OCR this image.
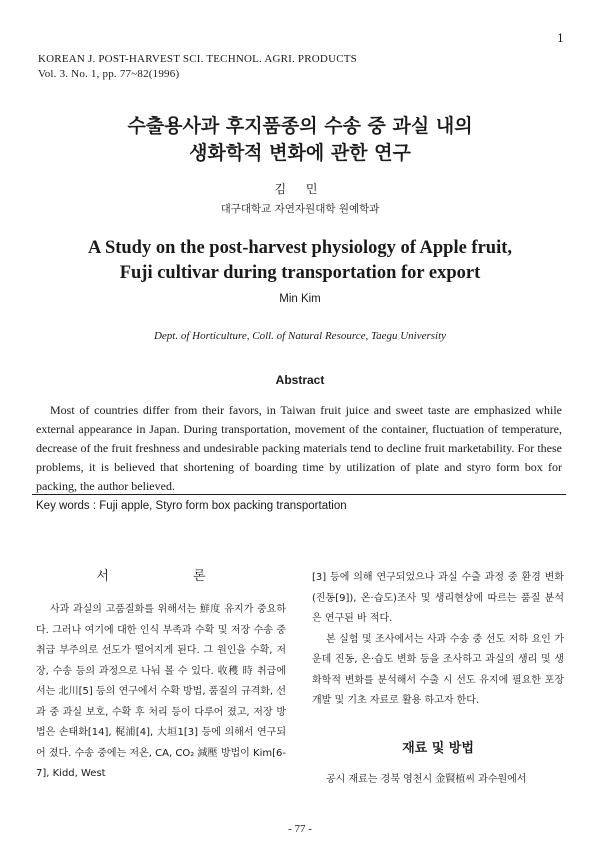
1
KOREAN J. POST-HARVEST SCI. TECHNOL. AGRI. PRODUCTS
Vol. 3. No. 1, pp. 77~82(1996)
수출용사과 후지품종의 수송 중 과실 내의
생화학적 변화에 관한 연구
김 민
대구대학교 자연자원대학 원예학과
A Study on the post-harvest physiology of Apple fruit,
Fuji cultivar during transportation for export
Min Kim
Dept. of Horticulture, Coll. of Natural Resource, Taegu University
Abstract

Most of countries differ from their favors, in Taiwan fruit juice and sweet taste are emphasized while external appearance in Japan. During transportation, movement of the container, fluctuation of temperature, decrease of the fruit freshness and undesirable packing materials tend to decline fruit marketability. For these problems, it is believed that shortening of boarding time by utilization of plate and styro form box for packing, the author believed.

Key words : Fuji apple, Styro form box packing transportation
서 론

사과 과실의 고품질화를 위해서는 鮮度 유지가 중요하다. 그러나 여기에 대한 인식 부족과 수확 및 저장 수송 중 취급 부주의로 선도가 떨어지게 된다. 그 원인을 수확, 저장, 수송 등의 과정으로 나눠 볼 수 있다. 收穫 時 취급에서는 北川[5] 등의 연구에서 수확 방법, 품질의 규격화, 선과 중 과실 보호, 수확 후 처리 등이 다루어 졌고, 저장 방법은 손태화[14], 梶浦[4], 大垣1[3] 등에 의해서 연구되어 졌다. 수송 중에는 저온, CA, CO₂ 減壓 방법이 Kim[6-7], Kidd, West

[3] 등에 의해 연구되었으나 과실 수출 과정 중 환경 변화(진동[9]), 온·습도)조사 및 생리현상에 따르는 품질 분석은 연구된 바 적다.

본 실험 및 조사에서는 사과 수송 중 선도 저하 요인 가운데 진동, 온·습도 변화 등을 조사하고 과실의 생리 및 생화학적 변화를 분석해서 수출 시 선도 유지에 필요한 포장 개발 및 기초 자료로 활용 하고자 한다.

재료 및 방법

공시 재료는 경북 영천시 金賢植씨 과수원에서

- 77 -
